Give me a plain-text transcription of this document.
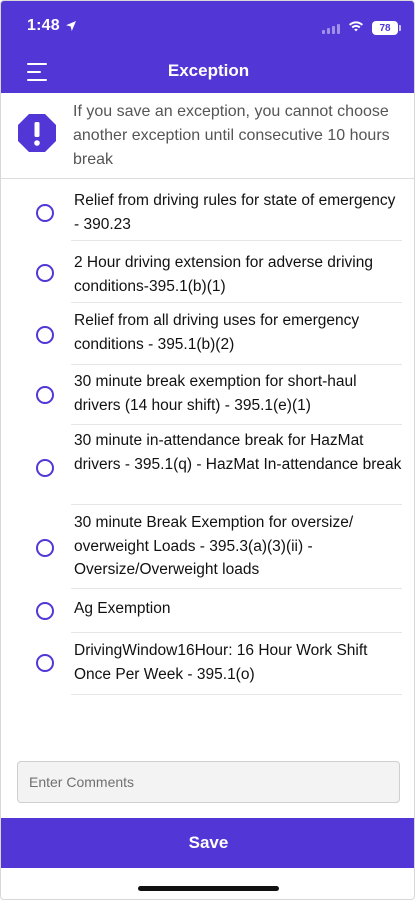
1:48	78
Exception
If you save an exception, you cannot choose another exception until consecutive 10 hours break
Relief from driving rules for state of emergency - 390.23
2 Hour driving extension for adverse driving conditions-395.1(b)(1)
Relief from all driving uses for emergency conditions - 395.1(b)(2)
30 minute break exemption for short-haul drivers (14 hour shift) - 395.1(e)(1)
30 minute in-attendance break for HazMat drivers - 395.1(q) - HazMat In-attendance break
30 minute Break Exemption for oversize/ overweight Loads - 395.3(a)(3)(ii) - Oversize/Overweight loads
Ag Exemption
DrivingWindow16Hour: 16 Hour Work Shift Once Per Week - 395.1(o)
Enter Comments
Save
